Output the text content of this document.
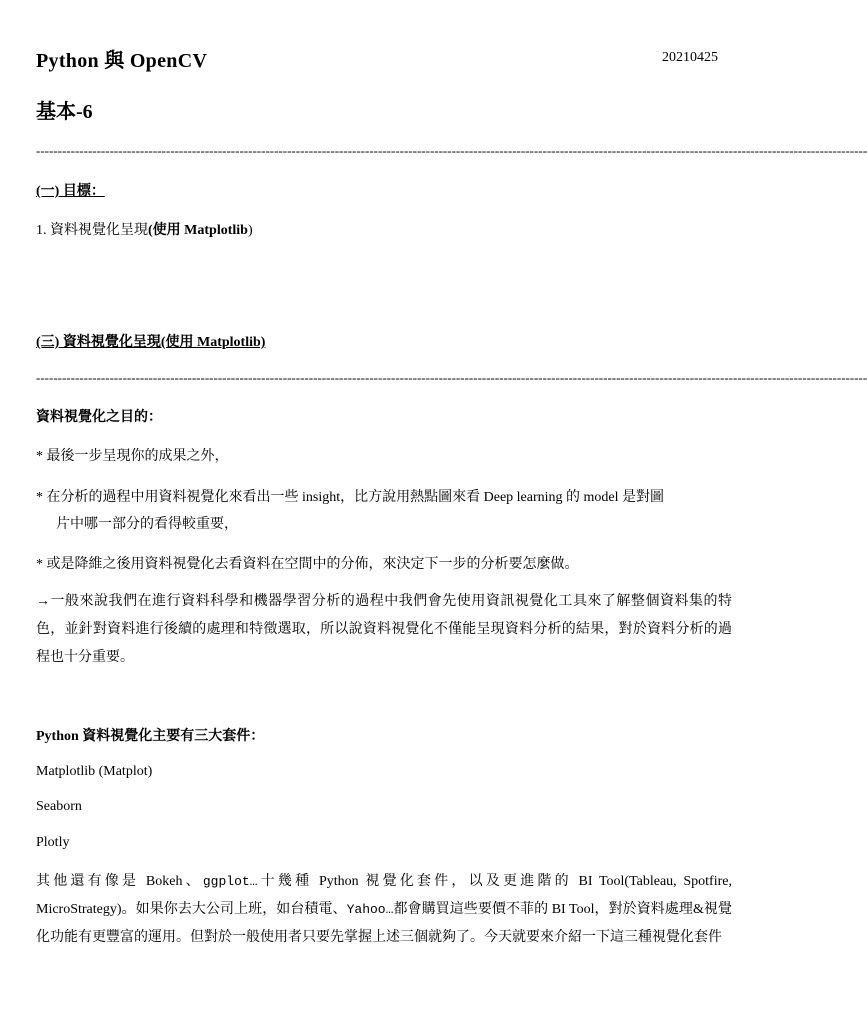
Python 與 OpenCV	20210425
基本-6
------------------------------------------------------------------------------------------------------------------------------------------------------------------------------------------------
(一) 目標：
1. 資料視覺化呈現(使用 Matplotlib)
(三) 資料視覺化呈現(使用 Matplotlib)
------------------------------------------------------------------------------------------------------------------------------------------------------------------------------------------------
資料視覺化之目的：
* 最後一步呈現你的成果之外，
* 在分析的過程中用資料視覺化來看出一些 insight，比方說用熱點圖來看 Deep learning 的 model 是對圖
片中哪一部分的看得較重要，
* 或是降維之後用資料視覺化去看資料在空間中的分佈，來決定下一步的分析要怎麼做。
→一般來說我們在進行資料科學和機器學習分析的過程中我們會先使用資訊視覺化工具來了解整個資料集的特色，並針對資料進行後續的處理和特徵選取，所以說資料視覺化不僅能呈現資料分析的結果，對於資料分析的過程也十分重要。
Python 資料視覺化主要有三大套件：
Matplotlib (Matplot)
Seaborn
Plotly
其他還有像是 Bokeh、ggplot…十幾種 Python 視覺化套件，以及更進階的 BI Tool(Tableau, Spotfire, MicroStrategy)。如果你去大公司上班，如台積電、Yahoo…都會購買這些要價不菲的 BI Tool，對於資料處理&視覺化功能有更豐富的運用。但對於一般使用者只要先掌握上述三個就夠了。今天就要來介紹一下這三種視覺化套件
